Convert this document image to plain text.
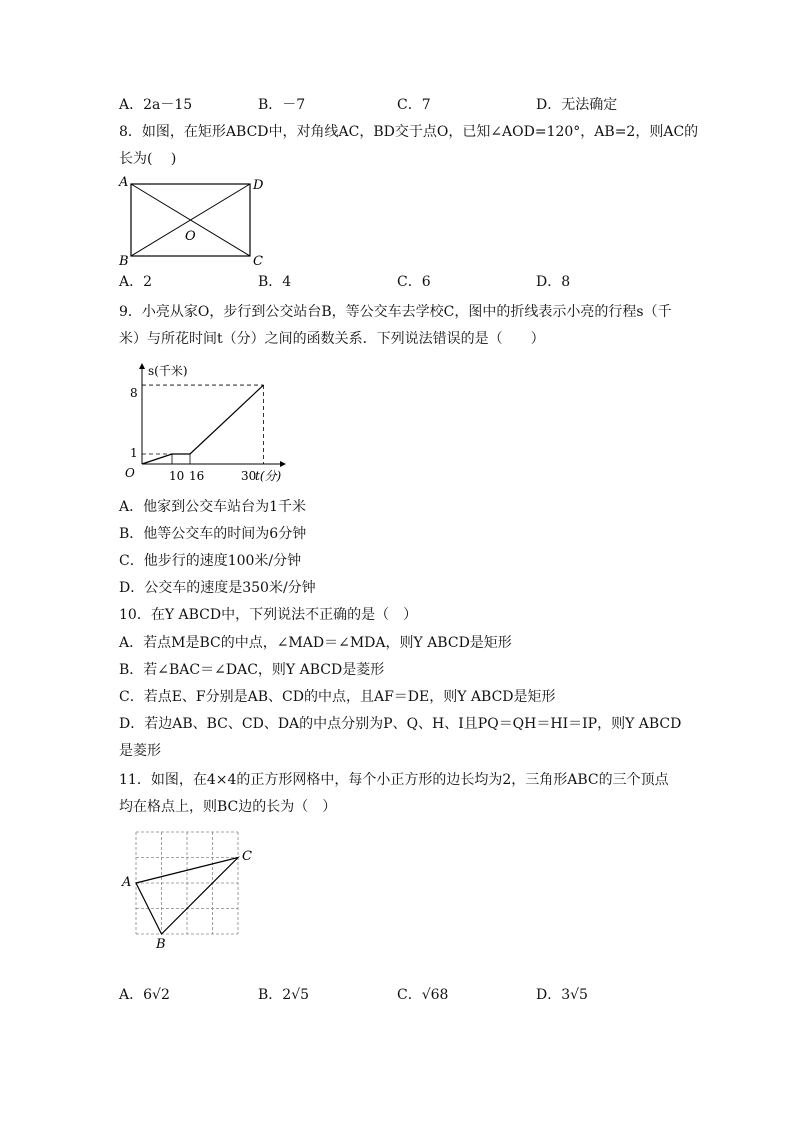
A．2a－15	B．－7	C．7	D．无法确定
8．如图，在矩形ABCD中，对角线AC，BD交于点O，已知∠AOD=120°，AB=2，则AC的
长为(　 )
A
B	C
D
O
A．2	B．4	C．6	D．8
9．小亮从家O，步行到公交站台B，等公交车去学校C，图中的折线表示小亮的行程s（千
米）与所花时间t（分）之间的函数关系．下列说法错误的是（　　）
s(千米)
t(分)
O
8
1
10 16	30
A．他家到公交车站台为1千米
B．他等公交车的时间为6分钟
C．他步行的速度100米/分钟
D．公交车的速度是350米/分钟
10．在Y ABCD中，下列说法不正确的是（　）
A．若点M是BC的中点，∠MAD＝∠MDA，则Y ABCD是矩形
B．若∠BAC＝∠DAC，则Y ABCD是菱形
C．若点E、F分别是AB、CD的中点，且AF＝DE，则Y ABCD是矩形
D．若边AB、BC、CD、DA的中点分别为P、Q、H、I且PQ＝QH＝HI＝IP，则Y ABCD
是菱形
11．如图，在4×4的正方形网格中，每个小正方形的边长均为2，三角形ABC的三个顶点
均在格点上，则BC边的长为（　）
A
B
C
A．6√2	B．2√5	C．√68	D．3√5
